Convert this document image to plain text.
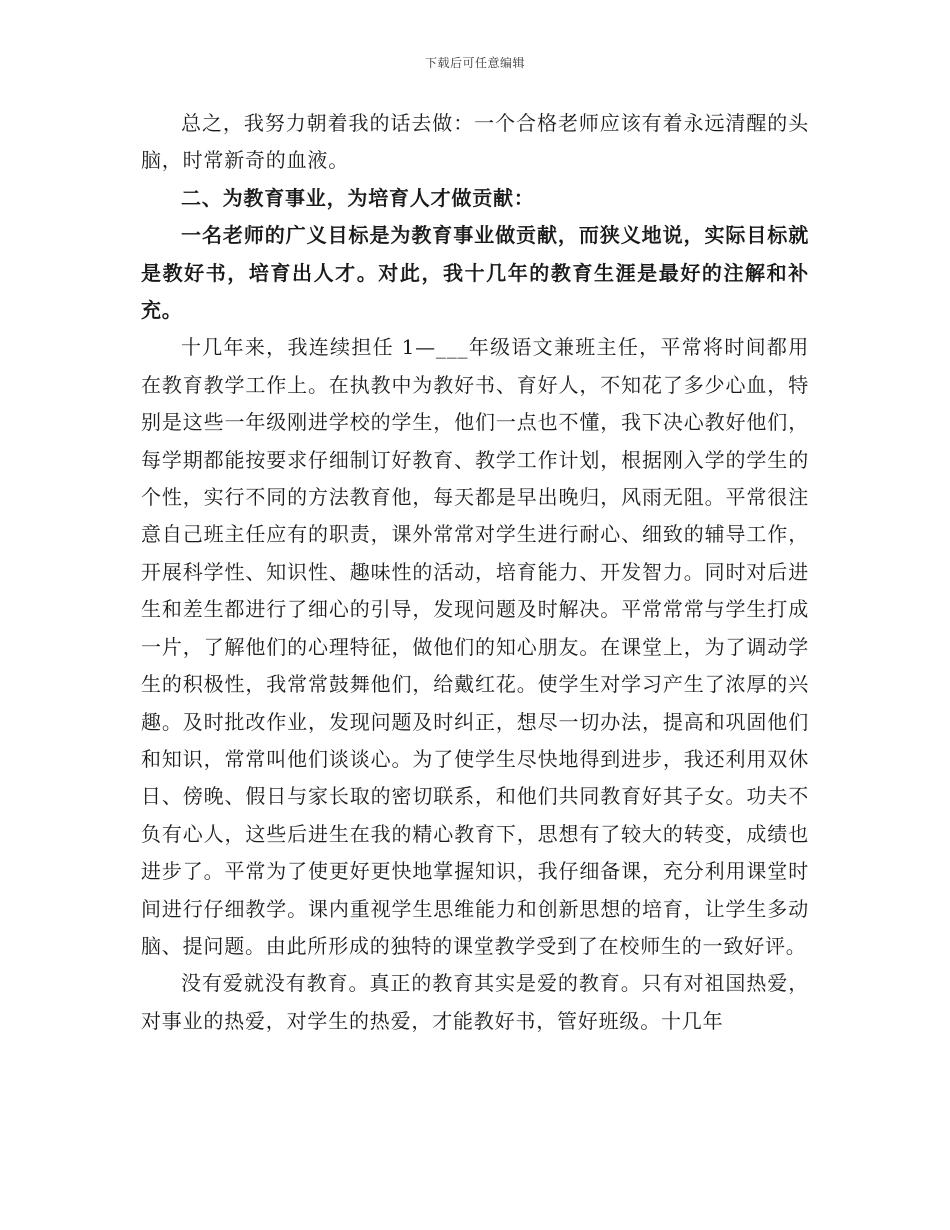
下载后可任意编辑

总之，我努力朝着我的话去做：一个合格老师应该有着永远清醒的头脑，时常新奇的血液。

二、为教育事业，为培育人才做贡献：

一名老师的广义目标是为教育事业做贡献，而狭义地说，实际目标就是教好书，培育出人才。对此，我十几年的教育生涯是最好的注解和补充。

十几年来，我连续担任 1—___年级语文兼班主任，平常将时间都用在教育教学工作上。在执教中为教好书、育好人，不知花了多少心血，特别是这些一年级刚进学校的学生，他们一点也不懂，我下决心教好他们，每学期都能按要求仔细制订好教育、教学工作计划，根据刚入学的学生的个性，实行不同的方法教育他，每天都是早出晚归，风雨无阻。平常很注意自己班主任应有的职责，课外常常对学生进行耐心、细致的辅导工作，开展科学性、知识性、趣味性的活动，培育能力、开发智力。同时对后进生和差生都进行了细心的引导，发现问题及时解决。平常常常与学生打成一片，了解他们的心理特征，做他们的知心朋友。在课堂上，为了调动学生的积极性，我常常鼓舞他们，给戴红花。使学生对学习产生了浓厚的兴趣。及时批改作业，发现问题及时纠正，想尽一切办法，提高和巩固他们和知识，常常叫他们谈谈心。为了使学生尽快地得到进步，我还利用双休日、傍晚、假日与家长取的密切联系，和他们共同教育好其子女。功夫不负有心人，这些后进生在我的精心教育下，思想有了较大的转变，成绩也进步了。平常为了使更好更快地掌握知识，我仔细备课，充分利用课堂时间进行仔细教学。课内重视学生思维能力和创新思想的培育，让学生多动脑、提问题。由此所形成的独特的课堂教学受到了在校师生的一致好评。

没有爱就没有教育。真正的教育其实是爱的教育。只有对祖国热爱，对事业的热爱，对学生的热爱，才能教好书，管好班级。十几年
